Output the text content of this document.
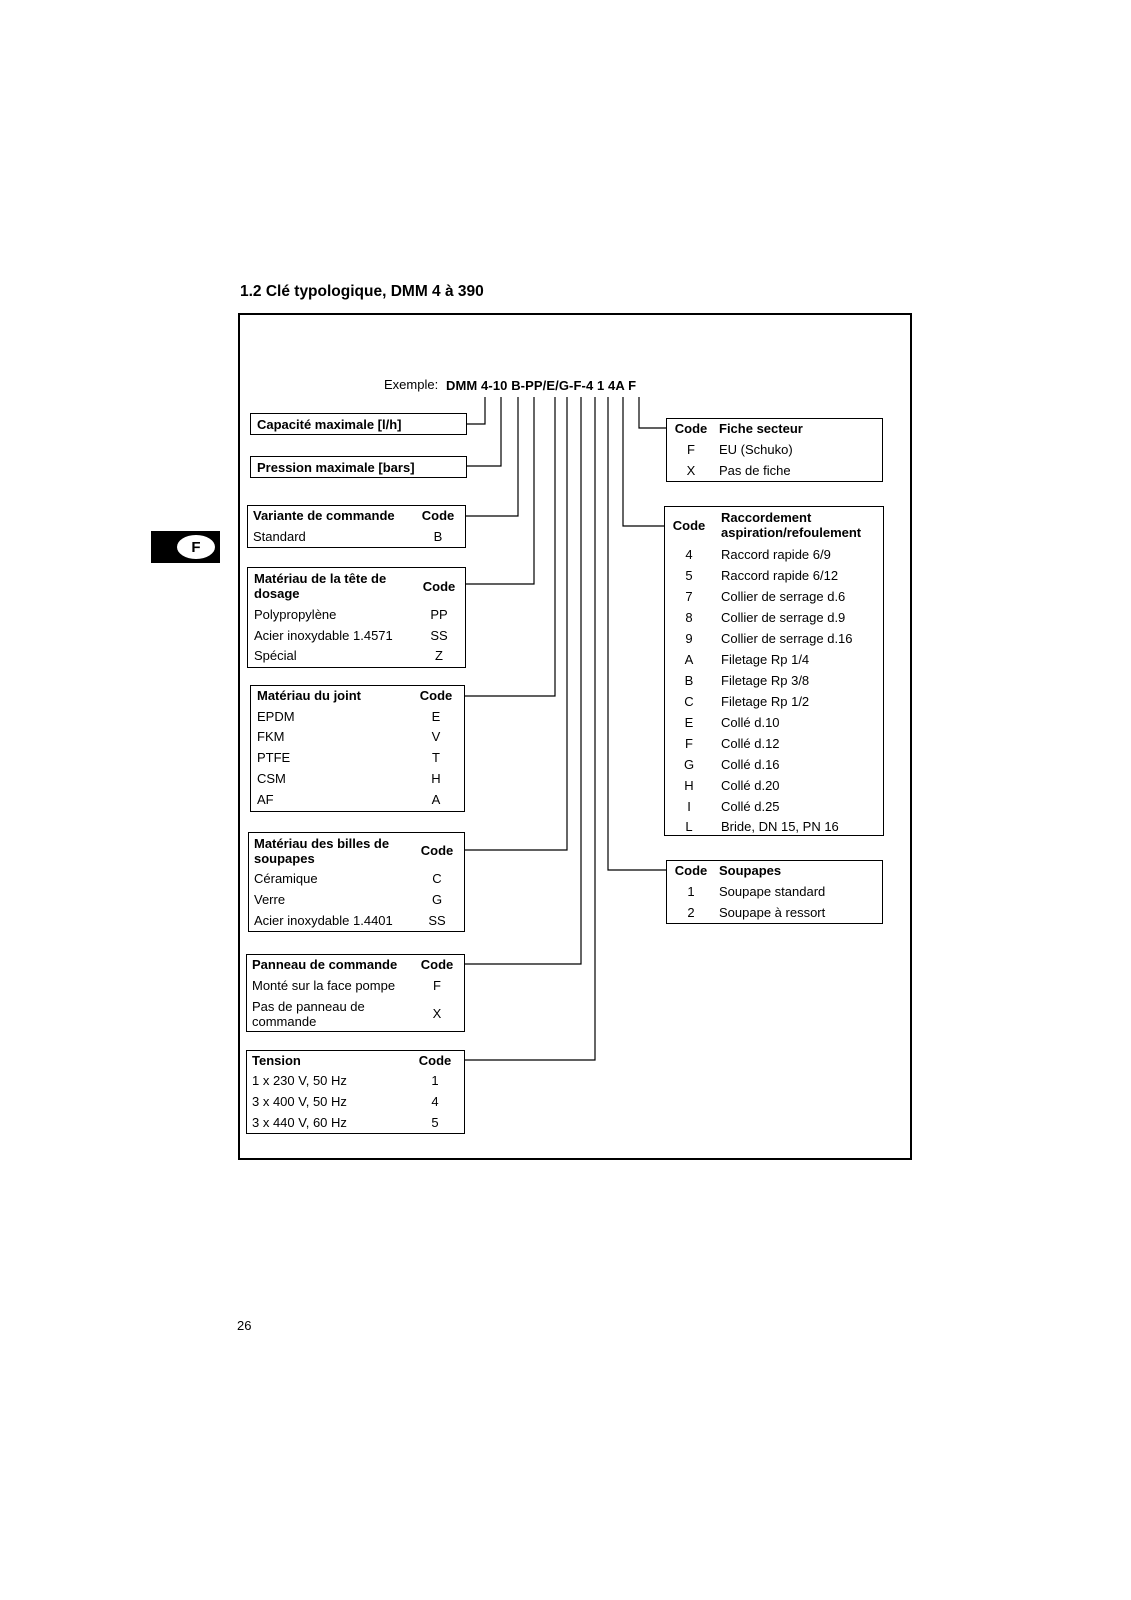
1.2 Clé typologique, DMM 4 à 390
F
Exemple: DMM 4-10 B-PP/E/G-F-4 1 4A F
Capacité maximale [l/h]
Pression maximale [bars]
Variante de commande	Code
Standard	B
Matériau de la tête de dosage	Code
Polypropylène	PP
Acier inoxydable 1.4571	SS
Spécial	Z
Matériau du joint	Code
EPDM	E
FKM	V
PTFE	T
CSM	H
AF	A
Matériau des billes de soupapes	Code
Céramique	C
Verre	G
Acier inoxydable 1.4401	SS
Panneau de commande	Code
Monté sur la face pompe	F
Pas de panneau de commande	X
Tension	Code
1 x 230 V, 50 Hz	1
3 x 400 V, 50 Hz	4
3 x 440 V, 60 Hz	5
Code Fiche secteur
F	EU (Schuko)
X	Pas de fiche
Code	Raccordement aspiration/refoulement
4	Raccord rapide 6/9
5	Raccord rapide 6/12
7	Collier de serrage d.6
8	Collier de serrage d.9
9	Collier de serrage d.16
A	Filetage Rp 1/4
B	Filetage Rp 3/8
C	Filetage Rp 1/2
E	Collé d.10
F	Collé d.12
G	Collé d.16
H	Collé d.20
I	Collé d.25
L	Bride, DN 15, PN 16
Code Soupapes
1	Soupape standard
2	Soupape à ressort
26
